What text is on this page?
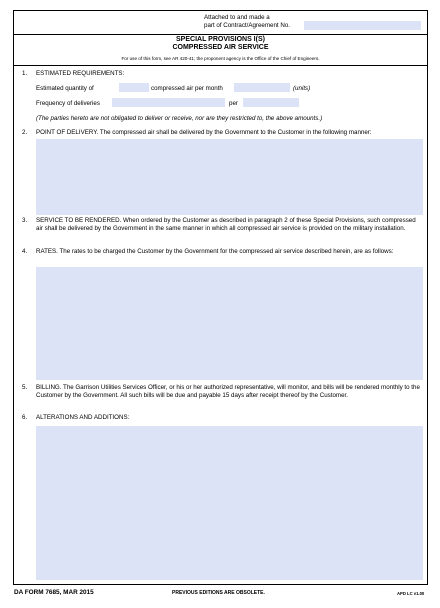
Attached to and made a
part of Contract/Agreement No.
SPECIAL PROVISIONS I(S)
COMPRESSED AIR SERVICE
For use of this form, see AR 420-41; the proponent agency is the Office of the Chief of Engineers.
1. ESTIMATED REQUIREMENTS:
Estimated quantity of	compressed air per month	(units)
Frequency of deliveries	per
(The parties hereto are not obligated to deliver or receive, nor are they restricted to, the above amounts.)
2. POINT OF DELIVERY. The compressed air shall be delivered by the Government to the Customer in the following manner:
3. SERVICE TO BE RENDERED. When ordered by the Customer as described in paragraph 2 of these Special Provisions, such compressed air shall be delivered by the Government in the same manner in which all compressed air service is provided on the military installation.
4. RATES. The rates to be charged the Customer by the Government for the compressed air service described herein, are as follows:
5. BILLING. The Garrison Utilities Services Officer, or his or her authorized representative, will monitor, and bills will be rendered monthly to the Customer by the Government. All such bills will be due and payable 15 days after receipt thereof by the Customer.
6. ALTERATIONS AND ADDITIONS:
DA FORM 7685, MAR 2015	PREVIOUS EDITIONS ARE OBSOLETE.	APD LC v1.00
